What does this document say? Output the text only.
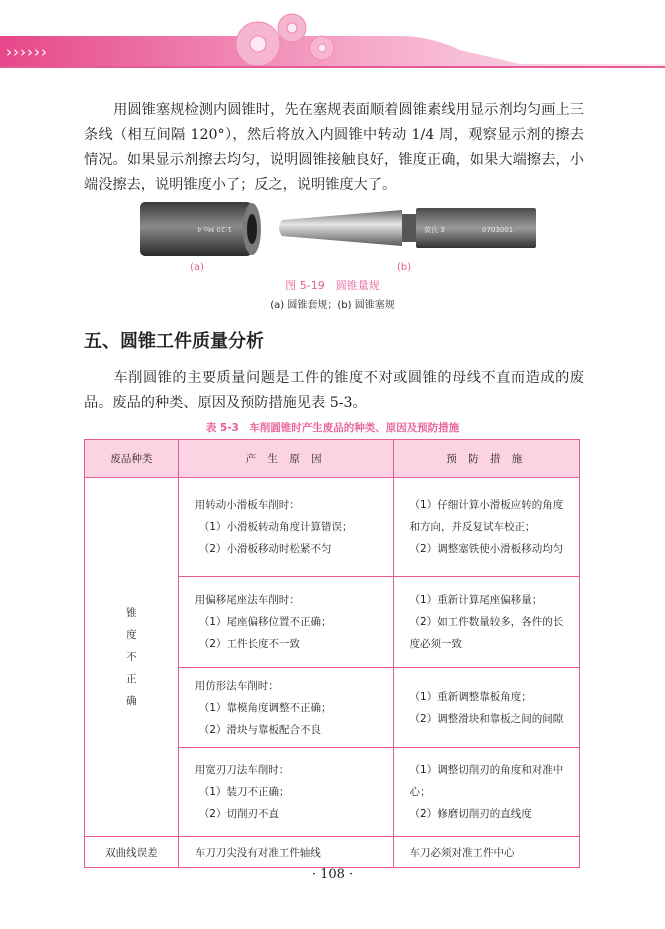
››››››

用圆锥塞规检测内圆锥时，先在塞规表面顺着圆锥素线用显示剂均匀画上三条线（相互间隔 120°），然后将放入内圆锥中转动 1/4 周，观察显示剂的擦去情况。如果显示剂擦去均匀，说明圆锥接触良好，锥度正确，如果大端擦去，小端没擦去，说明锥度小了；反之，说明锥度大了。

1:20 Mo.4	莫氏 3	0703001
(a)	(b)
图 5-19　圆锥量规
(a) 圆锥套规；(b) 圆锥塞规
五、圆锥工件质量分析

车削圆锥的主要质量问题是工件的锥度不对或圆锥的母线不直而造成的废品。废品的种类、原因及预防措施见表 5-3。

表 5-3　车削圆锥时产生废品的种类、原因及预防措施
废品种类	产 生 原 因	预 防 措 施
锥度不正确	用转动小滑板车削时：
（1）小滑板转动角度计算错误；
（2）小滑板移动时松紧不匀	（1）仔细计算小滑板应转的角度和方向，并反复试车校正；
（2）调整塞铁使小滑板移动均匀

	用偏移尾座法车削时：
（1）尾座偏移位置不正确；
（2）工件长度不一致	（1）重新计算尾座偏移量；
（2）如工件数量较多，各件的长度必须一致

	用仿形法车削时：
（1）靠模角度调整不正确；
（2）滑块与靠板配合不良	（1）重新调整靠板角度；
（2）调整滑块和靠板之间的间隙

	用宽刃刀法车削时：
（1）装刀不正确；
（2）切削刃不直	（1）调整切削刃的角度和对准中心；
（2）修磨切削刃的直线度

双曲线误差	车刀刀尖没有对准工件轴线	车刀必须对准工件中心
· 108 ·
